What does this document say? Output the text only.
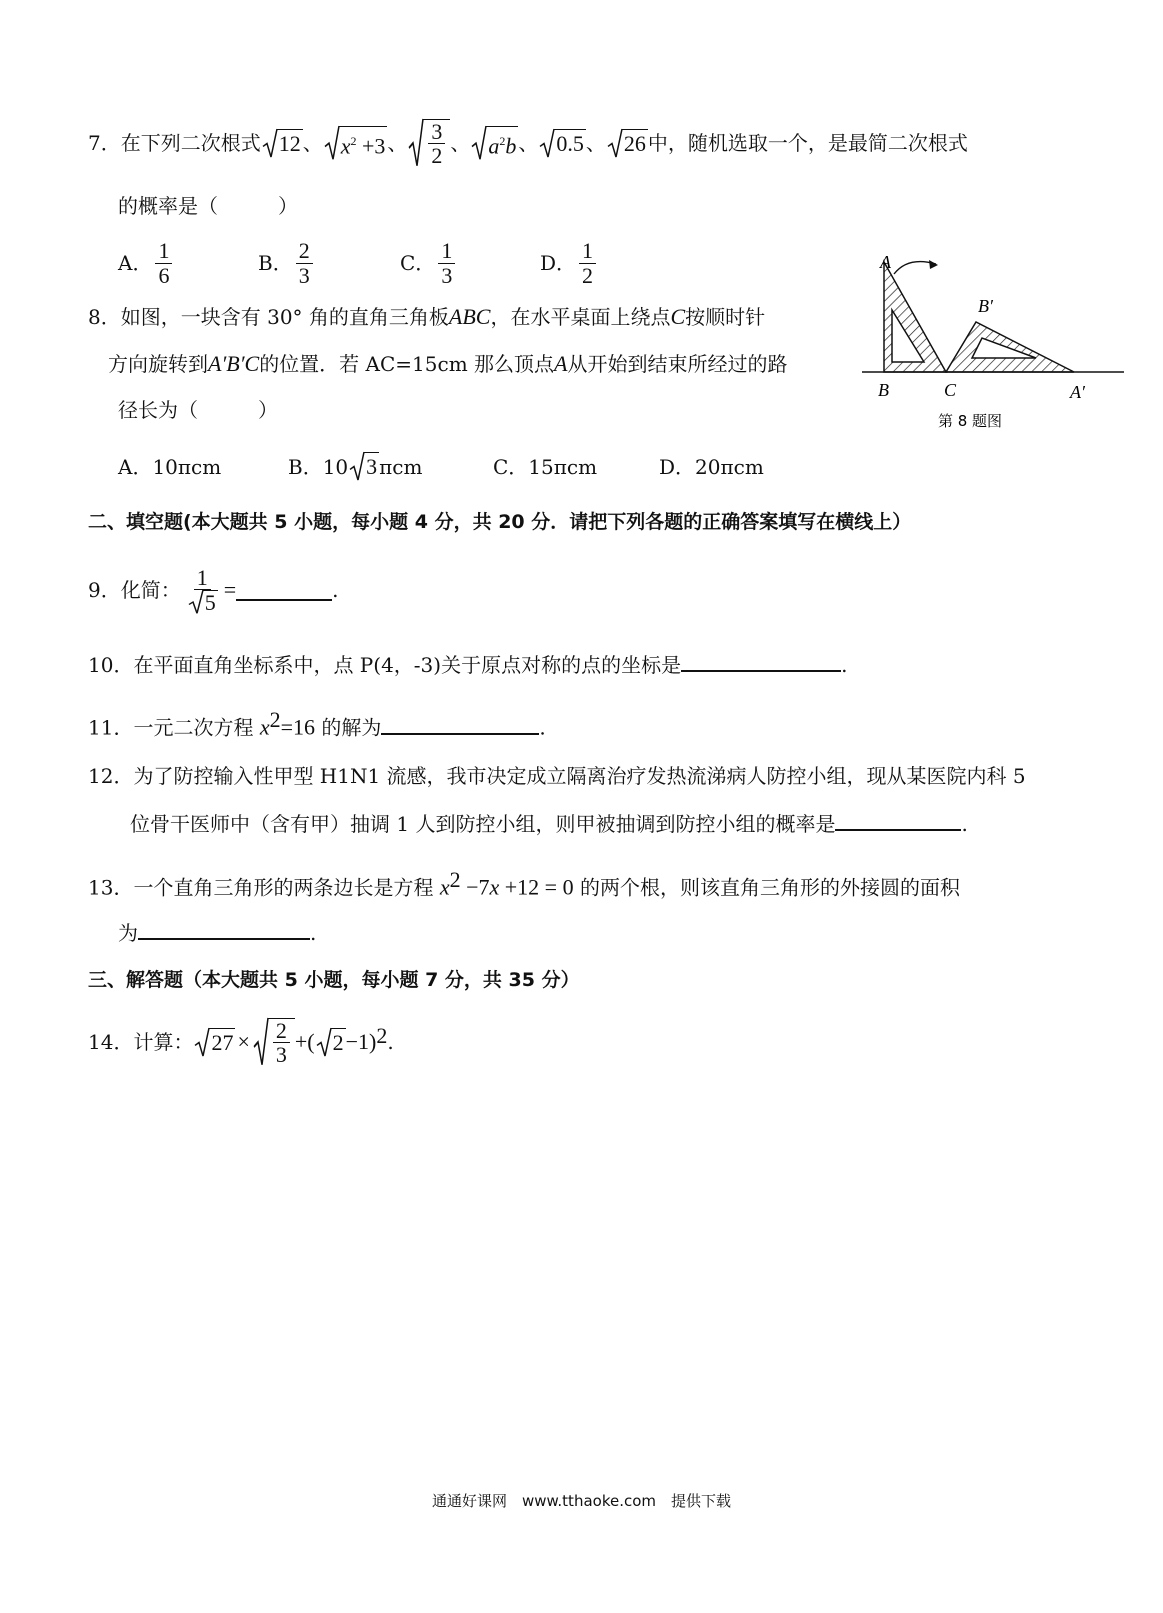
7． 在下列二次根式 12 、 $x^2 +3$ 、 $\frac{3}{2}$ 、 $a^2b$ 、 0.5 、 26 中，随机选取一个，是最简二次根式
的概率是（　　　）
A． $\frac{1}{6}$	B． $\frac{2}{3}$	C． $\frac{1}{3}$	D． $\frac{1}{2}$
8．如图，一块含有 30° 角的直角三角板ABC，在水平桌面上绕点C按顺时针
方向旋转到A′B′C的位置．若 AC=15cm 那么顶点A从开始到结束所经过的路
径长为（　　　）
A．10πcm	B．10 3 πcm	C．15πcm	D．20πcm
A
B′
B	C	A′
第 8 题图
二、填空题(本大题共 5 小题，每小题 4 分，共 20 分．请把下列各题的正确答案填写在横线上）
9． 化简： $\frac{1}{5}$ =	.
10．在平面直角坐标系中，点 P(4，-3)关于原点对称的点的坐标是	.
11．一元二次方程 $x^2=16$ 的解为	.
12．为了防控输入性甲型 H1N1 流感，我市决定成立隔离治疗发热流涕病人防控小组，现从某医院内科 5
位骨干医师中（含有甲）抽调 1 人到防控小组，则甲被抽调到防控小组的概率是	.
13．一个直角三角形的两条边长是方程 $x^2 -7x +12 = 0$ 的两个根，则该直角三角形的外接圆的面积
为	.
三、解答题（本大题共 5 小题，每小题 7 分，共 35 分）
14．计算： $27 \times \frac{2}{3}$ +( 2 −1) 2 .
通通好课网　www.tthaoke.com　提供下载
